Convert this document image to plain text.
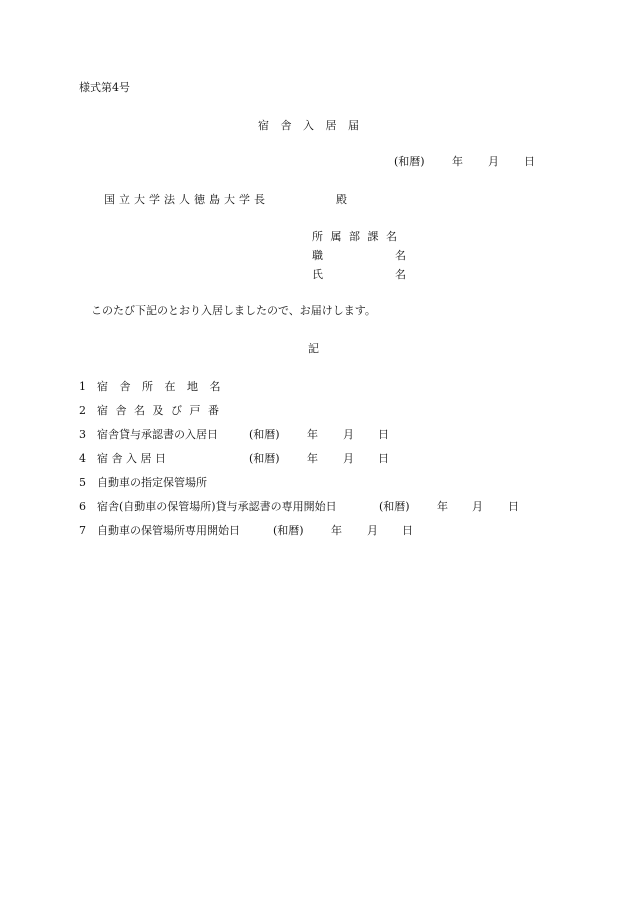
様式第4号
宿 舎 入 居 届
(和暦) 年 月 日
国立大学法人徳島大学長	殿
所 属 部 課 名
職	名
氏	名
このたび下記のとおり入居しましたので、お届けします。
記
1 宿 舎 所 在 地 名
2 宿 舎 名 及 び 戸 番
3 宿舎貸与承認書の入居日	(和暦) 年 月 日
4 宿 舎 入 居 日	(和暦) 年 月 日
5 自動車の指定保管場所
6 宿舎(自動車の保管場所)貸与承認書の専用開始日	(和暦) 年 月 日
7 自動車の保管場所専用開始日	(和暦) 年 月 日
